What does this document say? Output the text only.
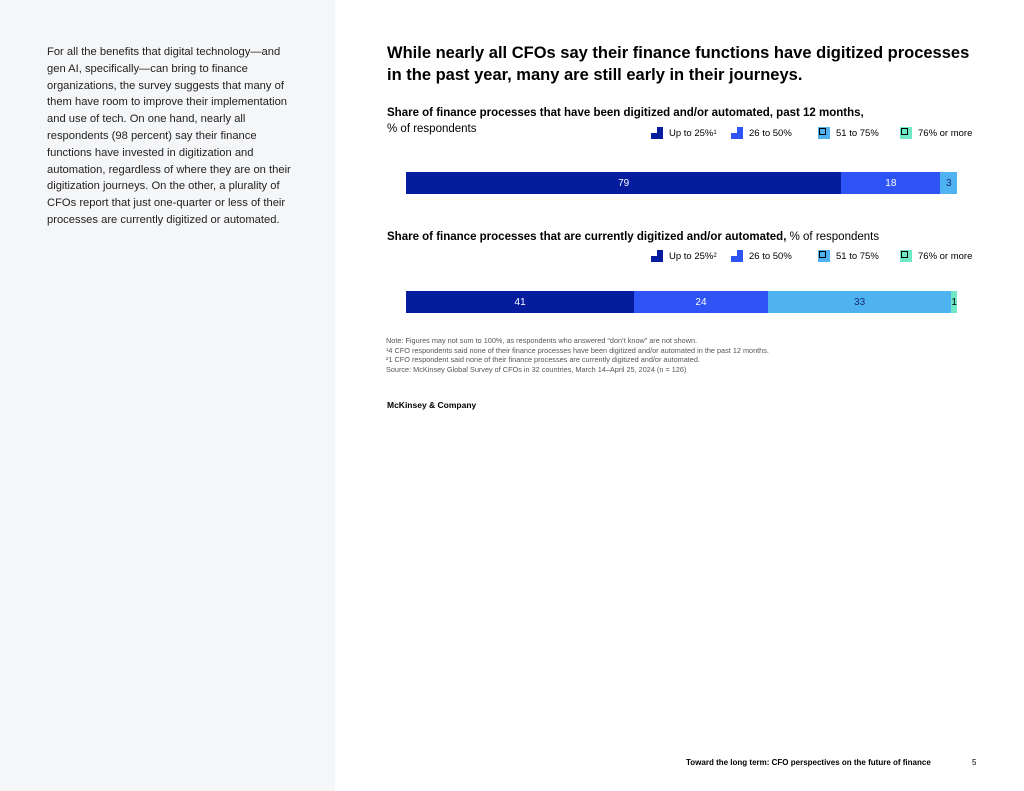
For all the benefits that digital technology—and gen AI, specifically—can bring to finance organizations, the survey suggests that many of them have room to improve their implementation and use of tech. On one hand, nearly all respondents (98 percent) say their finance functions have invested in digitization and automation, regardless of where they are on their digitization journeys. On the other, a plurality of CFOs report that just one-quarter or less of their processes are currently digitized or automated.

While nearly all CFOs say their finance functions have digitized processes in the past year, many are still early in their journeys.
Share of finance processes that have been digitized and/or automated, past 12 months,
% of respondents	Up to 25% 1	26 to 50%	51 to 75%	76% or more
79	18	3
Share of finance processes that are currently digitized and/or automated, % of respondents
Up to 25% 2	26 to 50%	51 to 75%	76% or more
41	24	33	1
Note: Figures may not sum to 100%, as respondents who answered “don’t know” are not shown.
¹4 CFO respondents said none of their finance processes have been digitized and/or automated in the past 12 months.
²1 CFO respondent said none of their finance processes are currently digitized and/or automated.
Source: McKinsey Global Survey of CFOs in 32 countries, March 14–April 25, 2024 (n = 126)
McKinsey & Company
Toward the long term: CFO perspectives on the future of finance	5
